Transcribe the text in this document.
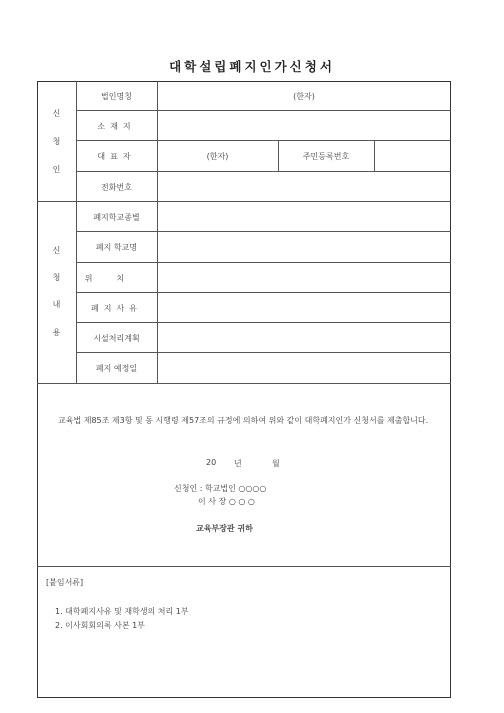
대학설립폐지인가신청서
신
청
인
법인명칭	(한자)
소재지
대표자	(한자)	주민등록번호
전화번호
신
청
내
용
폐지학교종별
폐지 학교명
위치
폐지사유
시설처리계획
폐지 예정일
교육법 제85조 제3항 및 동 시행령 제57조의 규정에 의하여 위와 같이 대학폐지인가 신청서를 제출합니다.
20 년	월
신청인 : 학교법인 ○○○○
이 사 장 ○ ○ ○
교육부장관 귀하
[붙임서류]
1. 대학폐지사유 및 재학생의 처리 1부
2. 이사회회의록 사본 1부
